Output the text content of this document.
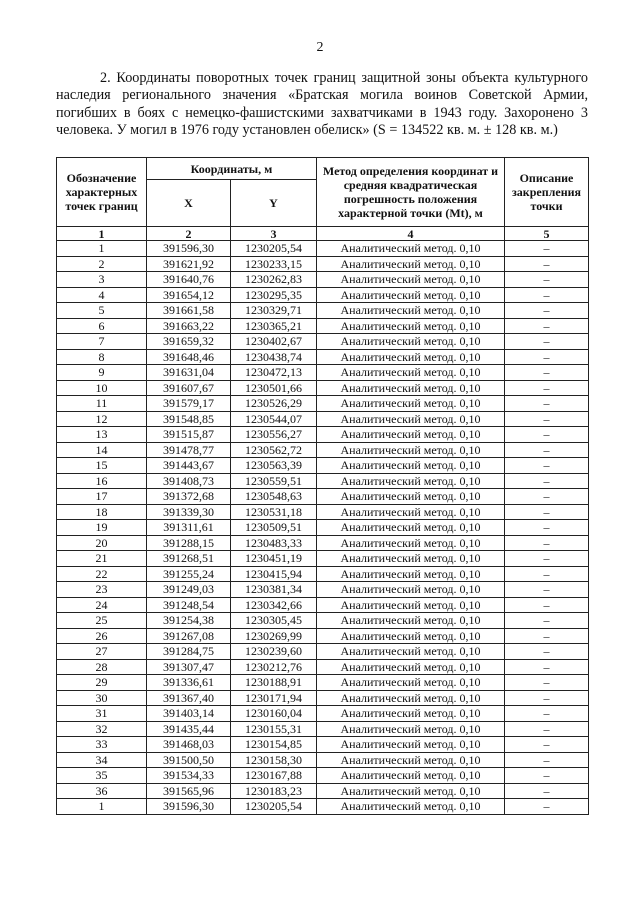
2

2. Координаты поворотных точек границ защитной зоны объекта культурного наследия регионального значения «Братская могила воинов Советской Армии, погибших в боях с немецко-фашистскими захватчиками в 1943 году. Захоронено 3 человека. У могил в 1976 году установлен обелиск» (S = 134522 кв. м. ± 128 кв. м.)

Обозначение характерных точек границ	Координаты, м		Метод определения координат и средняя квадратическая погрешность положения характерной точки (Mt), м	Описание закрепления точки
	X	Y		
1	2	3	4	5
1	391596,30	1230205,54	Аналитический метод. 0,10	–
2	391621,92	1230233,15	Аналитический метод. 0,10	–
3	391640,76	1230262,83	Аналитический метод. 0,10	–
4	391654,12	1230295,35	Аналитический метод. 0,10	–
5	391661,58	1230329,71	Аналитический метод. 0,10	–
6	391663,22	1230365,21	Аналитический метод. 0,10	–
7	391659,32	1230402,67	Аналитический метод. 0,10	–
8	391648,46	1230438,74	Аналитический метод. 0,10	–
9	391631,04	1230472,13	Аналитический метод. 0,10	–
10	391607,67	1230501,66	Аналитический метод. 0,10	–
11	391579,17	1230526,29	Аналитический метод. 0,10	–
12	391548,85	1230544,07	Аналитический метод. 0,10	–
13	391515,87	1230556,27	Аналитический метод. 0,10	–
14	391478,77	1230562,72	Аналитический метод. 0,10	–
15	391443,67	1230563,39	Аналитический метод. 0,10	–
16	391408,73	1230559,51	Аналитический метод. 0,10	–
17	391372,68	1230548,63	Аналитический метод. 0,10	–
18	391339,30	1230531,18	Аналитический метод. 0,10	–
19	391311,61	1230509,51	Аналитический метод. 0,10	–
20	391288,15	1230483,33	Аналитический метод. 0,10	–
21	391268,51	1230451,19	Аналитический метод. 0,10	–
22	391255,24	1230415,94	Аналитический метод. 0,10	–
23	391249,03	1230381,34	Аналитический метод. 0,10	–
24	391248,54	1230342,66	Аналитический метод. 0,10	–
25	391254,38	1230305,45	Аналитический метод. 0,10	–
26	391267,08	1230269,99	Аналитический метод. 0,10	–
27	391284,75	1230239,60	Аналитический метод. 0,10	–
28	391307,47	1230212,76	Аналитический метод. 0,10	–
29	391336,61	1230188,91	Аналитический метод. 0,10	–
30	391367,40	1230171,94	Аналитический метод. 0,10	–
31	391403,14	1230160,04	Аналитический метод. 0,10	–
32	391435,44	1230155,31	Аналитический метод. 0,10	–
33	391468,03	1230154,85	Аналитический метод. 0,10	–
34	391500,50	1230158,30	Аналитический метод. 0,10	–
35	391534,33	1230167,88	Аналитический метод. 0,10	–
36	391565,96	1230183,23	Аналитический метод. 0,10	–
1	391596,30	1230205,54	Аналитический метод. 0,10	–
